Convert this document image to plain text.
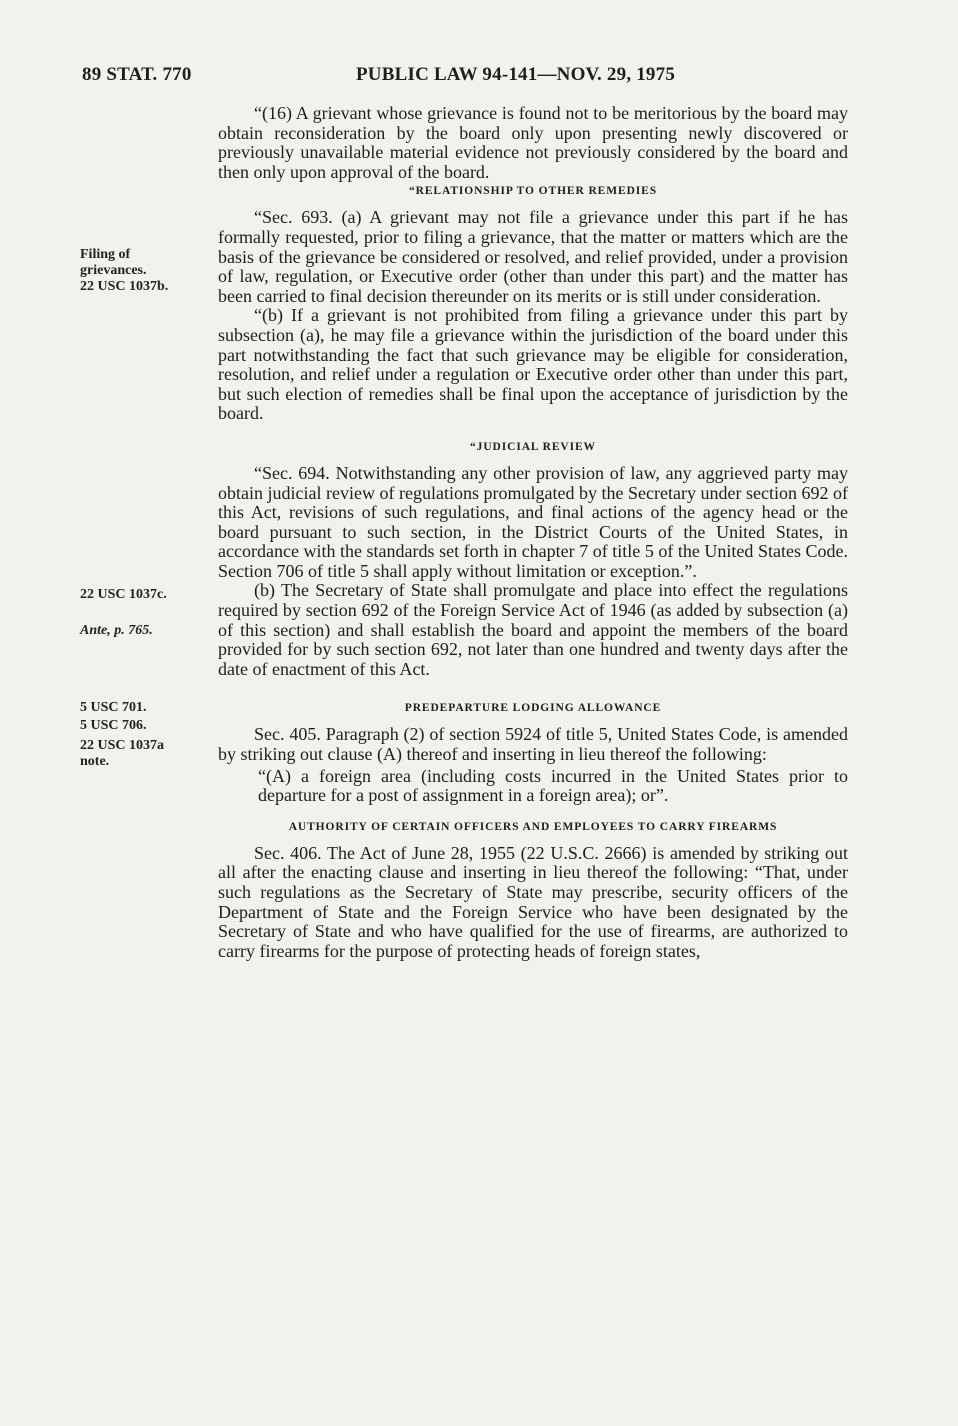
89 STAT. 770	PUBLIC LAW 94-141—NOV. 29, 1975
Filing of
grievances.
22 USC 1037b.
22 USC 1037c.
Ante, p. 765.
5 USC 701.
5 USC 706.
22 USC 1037a
note.

“(16) A grievant whose grievance is found not to be meritorious by the board may obtain reconsideration by the board only upon presenting newly discovered or previously unavailable material evidence not previously considered by the board and then only upon approval of the board.

“RELATIONSHIP TO OTHER REMEDIES

“Sec. 693. (a) A grievant may not file a grievance under this part if he has formally requested, prior to filing a grievance, that the matter or matters which are the basis of the grievance be considered or resolved, and relief provided, under a provision of law, regulation, or Executive order (other than under this part) and the matter has been carried to final decision thereunder on its merits or is still under consideration.

“(b) If a grievant is not prohibited from filing a grievance under this part by subsection (a), he may file a grievance within the jurisdiction of the board under this part notwithstanding the fact that such grievance may be eligible for consideration, resolution, and relief under a regulation or Executive order other than under this part, but such election of remedies shall be final upon the acceptance of jurisdiction by the board.

“JUDICIAL REVIEW

“Sec. 694. Notwithstanding any other provision of law, any aggrieved party may obtain judicial review of regulations promulgated by the Secretary under section 692 of this Act, revisions of such regulations, and final actions of the agency head or the board pursuant to such section, in the District Courts of the United States, in accordance with the standards set forth in chapter 7 of title 5 of the United States Code. Section 706 of title 5 shall apply without limitation or exception.”.

(b) The Secretary of State shall promulgate and place into effect the regulations required by section 692 of the Foreign Service Act of 1946 (as added by subsection (a) of this section) and shall establish the board and appoint the members of the board provided for by such section 692, not later than one hundred and twenty days after the date of enactment of this Act.

PREDEPARTURE LODGING ALLOWANCE

Sec. 405. Paragraph (2) of section 5924 of title 5, United States Code, is amended by striking out clause (A) thereof and inserting in lieu thereof the following:

“(A) a foreign area (including costs incurred in the United States prior to departure for a post of assignment in a foreign area); or”.

AUTHORITY OF CERTAIN OFFICERS AND EMPLOYEES TO CARRY FIREARMS

Sec. 406. The Act of June 28, 1955 (22 U.S.C. 2666) is amended by striking out all after the enacting clause and inserting in lieu thereof the following: “That, under such regulations as the Secretary of State may prescribe, security officers of the Department of State and the Foreign Service who have been designated by the Secretary of State and who have qualified for the use of firearms, are authorized to carry firearms for the purpose of protecting heads of foreign states,
